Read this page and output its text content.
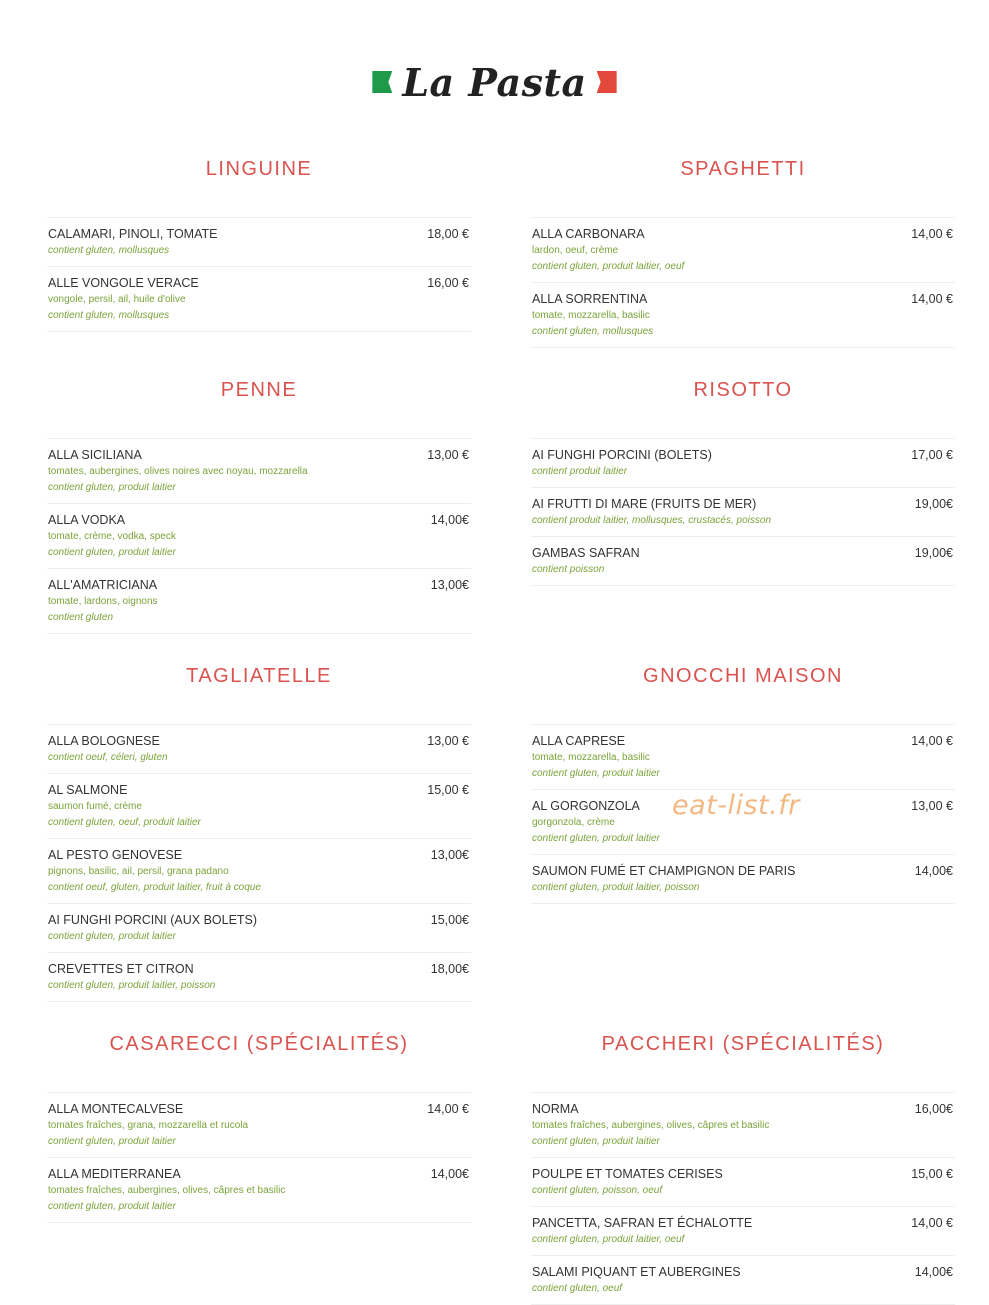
La Pasta
LINGUINE
CALAMARI, PINOLI, TOMATE	18,00 €
contient gluten, mollusques
ALLE VONGOLE VERACE	16,00 €
vongole, persil, ail, huile d'olive
contient gluten, mollusques
SPAGHETTI
ALLA CARBONARA	14,00 €
lardon, oeuf, crème
contient gluten, produit laitier, oeuf
ALLA SORRENTINA	14,00 €
tomate, mozzarella, basilic
contient gluten, mollusques
PENNE
ALLA SICILIANA	13,00 €
tomates, aubergines, olives noires avec noyau, mozzarella
contient gluten, produit laitier
ALLA VODKA	14,00€
tomate, crème, vodka, speck
contient gluten, produit laitier
ALL'AMATRICIANA	13,00€
tomate, lardons, oignons
contient gluten
RISOTTO
AI FUNGHI PORCINI (BOLETS)	17,00 €
contient produit laitier
AI FRUTTI DI MARE (FRUITS DE MER)	19,00€
contient produit laitier, mollusques, crustacés, poisson
GAMBAS SAFRAN	19,00€
contient poisson
TAGLIATELLE
ALLA BOLOGNESE	13,00 €
contient oeuf, céleri, gluten
AL SALMONE	15,00 €
saumon fumé, crème
contient gluten, oeuf, produit laitier
AL PESTO GENOVESE	13,00€
pignons, basilic, ail, persil, grana padano
contient oeuf, gluten, produit laitier, fruit à coque
AI FUNGHI PORCINI (AUX BOLETS)	15,00€
contient gluten, produit laitier
CREVETTES ET CITRON	18,00€
contient gluten, produit laitier, poisson
GNOCCHI MAISON
ALLA CAPRESE	14,00 €
tomate, mozzarella, basilic
contient gluten, produit laitier
AL GORGONZOLA	13,00 €
gorgonzola, crème
contient gluten, produit laitier
SAUMON FUMÉ ET CHAMPIGNON DE PARIS	14,00€
contient gluten, produit laitier, poisson
CASARECCI (SPÉCIALITÉS)
ALLA MONTECALVESE	14,00 €
tomates fraîches, grana, mozzarella et rucola
contient gluten, produit laitier
ALLA MEDITERRANEA	14,00€
tomates fraîches, aubergines, olives, câpres et basilic
contient gluten, produit laitier
PACCHERI (SPÉCIALITÉS)
NORMA	16,00€
tomates fraîches, aubergines, olives, câpres et basilic
contient gluten, produit laitier
POULPE ET TOMATES CERISES	15,00 €
contient gluten, poisson, oeuf
PANCETTA, SAFRAN ET ÉCHALOTTE	14,00 €
contient gluten, produit laitier, oeuf
SALAMI PIQUANT ET AUBERGINES	14,00€
contient gluten, oeuf
eat-list.fr
